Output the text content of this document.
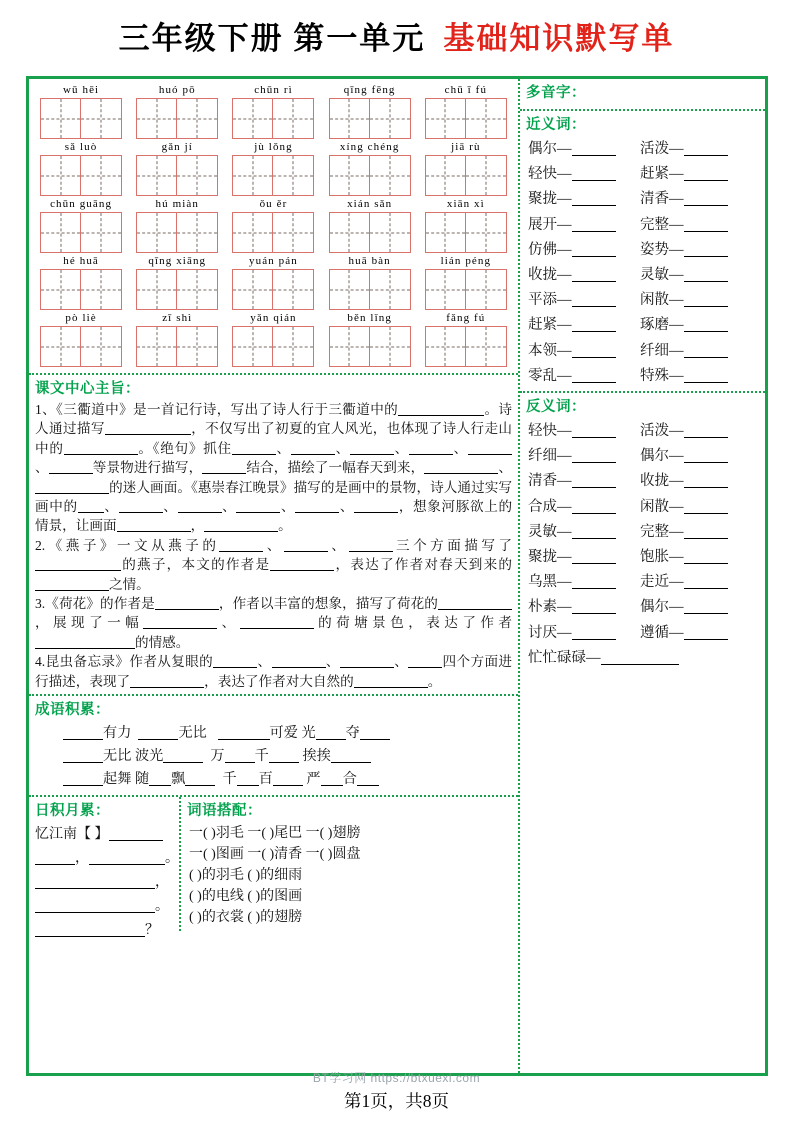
三年级下册 第一单元 基础知识默写单
wū hēi	huó pō	chūn rì	qīng fēng	chū ī fú
sǎ luò	gǎn jí	jù lǒng	xíng chéng	jiā rù
chūn guāng	hú miàn	ǒu ěr	xián sǎn	xiān xì
hé huā	qīng xiāng	yuán pán	huā bàn	lián péng
pò liè	zī shì	yǎn qián	běn lǐng	fǎng fú
课文中心主旨：

1、《三衢道中》是一首记行诗，写出了诗人行于三衢道中的	。诗人通过描写	，不仅写出了初夏的宜人风光，也体现了诗人行走山中的	。《绝句》抓住	、	、	、	、、	等景物进行描写，	结合，描绘了一幅春天到来，	、的迷人画面。《惠崇春江晚景》描写的是画中的景物，诗人通过实写画中的 、	、	、	、	、	，想象河豚欲上的情景，让画面	，	。

2.《燕子》一文从燕子的	、	、	三个方面描写了的燕子，本文的作者是	，表达了作者对春天到来的之情。

3.《荷花》的作者是	，作者以丰富的想象，描写了荷花的，展现了一幅	、	的荷塘景色，表达了作者的情感。

4.昆虫备忘录》作者从复眼的	、	、	、	四个方面进行描述，表现了	，表达了作者对大自然的	。

成语积累：
有力	无比	可爱 光 夺
无比 波光	万 千 挨挨
起舞 随 飘	千 百 严 合
日积月累：
忆江南【 】
，	。
，
。
？
词语搭配：
一( )羽毛 一( )尾巴 一( )翅膀
一( )图画 一( )清香 一( )圆盘
( )的羽毛 ( )的细雨
( )的电线 ( )的图画
( )的衣裳 ( )的翅膀
多音字：
近义词：
偶尔—	活泼—
轻快—	赶紧—
聚拢—	清香—
展开—	完整—
仿佛—	姿势—
收拢—	灵敏—
平添—	闲散—
赶紧—	琢磨—
本领—	纤细—
零乱—	特殊—
反义词：
轻快—	活泼—
纤细—	偶尔—
清香—	收拢—
合成—	闲散—
灵敏—	完整—
聚拢—	饱胀—
乌黑—	走近—
朴素—	偶尔—
讨厌—	遵循—
忙忙碌碌—
BT学习网 https://btxuexi.com
第1页，共8页
